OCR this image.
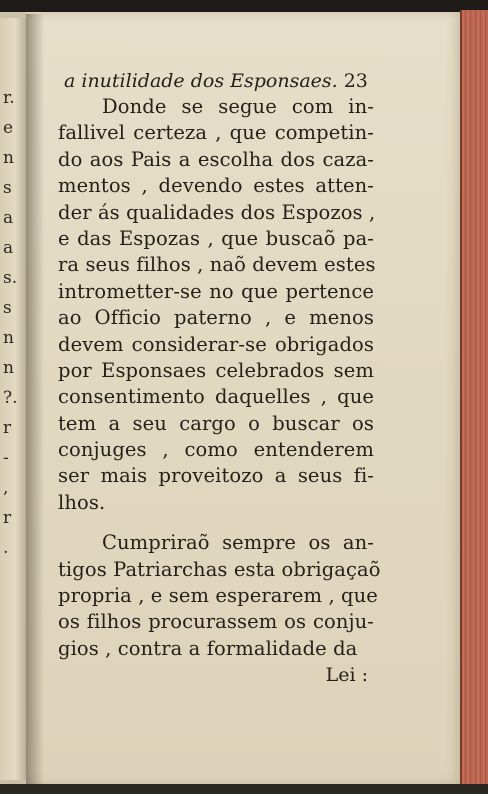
r.
e
n
s
a
a
s.
s
n
n
?.
r
-
,
r
.
a inutilidade dos Esponsaes. 23
Donde se segue com in-
fallivel certeza , que competin-
do aos Pais a escolha dos caza-
mentos , devendo estes atten-
der ás qualidades dos Espozos ,
e das Espozas , que buscaõ pa-
ra seus filhos , naõ devem estes
intrometter-se no que pertence
ao Officio paterno , e menos
devem considerar-se obrigados
por Esponsaes celebrados sem
consentimento daquelles , que
tem a seu cargo o buscar os
conjuges , como entenderem
ser mais proveitozo a seus fi-
lhos.
Cumpriraõ sempre os an-
tigos Patriarchas esta obrigaçaõ
propria , e sem esperarem , que
os filhos procurassem os conju-
gios , contra a formalidade da
Lei :
